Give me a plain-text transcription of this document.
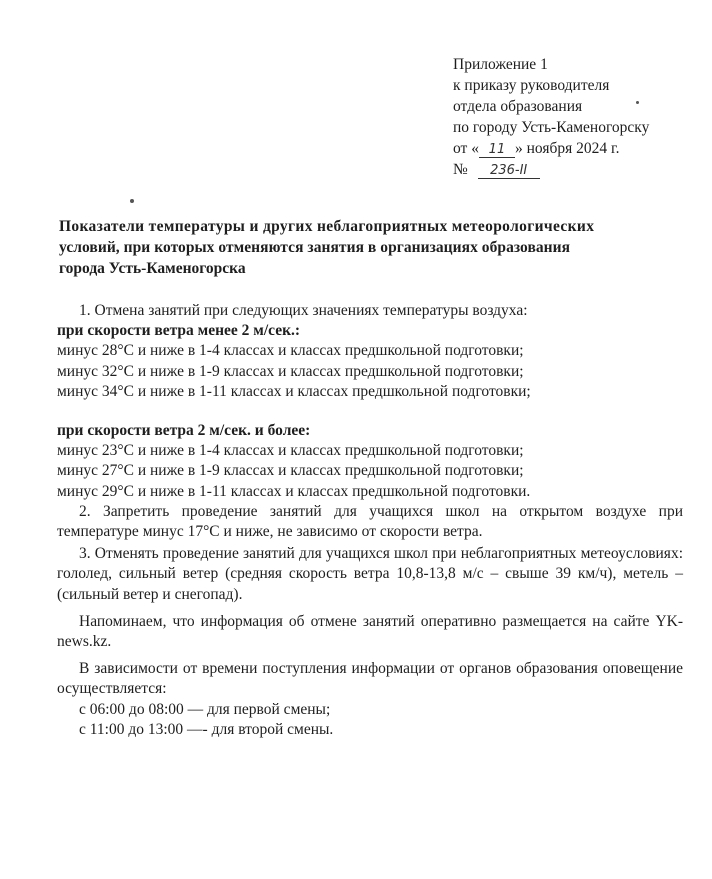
Приложение 1
к приказу руководителя
отдела образования
по городу Усть-Каменогорску
от « 11 » ноября 2024 г.
№ 236-II
Показатели температуры и других неблагоприятных метеорологических
условий, при которых отменяются занятия в организациях образования
города Усть-Каменогорска

1. Отмена занятий при следующих значениях температуры воздуха:

при скорости ветра менее 2 м/сек.:

минус 28°С и ниже в 1-4 классах и классах предшкольной подготовки;

минус 32°С и ниже в 1-9 классах и классах предшкольной подготовки;

минус 34°С и ниже в 1-11 классах и классах предшкольной подготовки;

при скорости ветра 2 м/сек. и более:

минус 23°С и ниже в 1-4 классах и классах предшкольной подготовки;

минус 27°С и ниже в 1-9 классах и классах предшкольной подготовки;

минус 29°С и ниже в 1-11 классах и классах предшкольной подготовки.

2. Запретить проведение занятий для учащихся школ на открытом воздухе при температуре минус 17°С и ниже, не зависимо от скорости ветра.

3. Отменять проведение занятий для учащихся школ при неблагоприятных метеоусловиях: гололед, сильный ветер (средняя скорость ветра 10,8-13,8 м/с – свыше 39 км/ч), метель – (сильный ветер и снегопад).

Напоминаем, что информация об отмене занятий оперативно размещается на сайте YK-news.kz.

В зависимости от времени поступления информации от органов образования оповещение осуществляется:

с 06:00 до 08:00 — для первой смены;

с 11:00 до 13:00 —- для второй смены.
